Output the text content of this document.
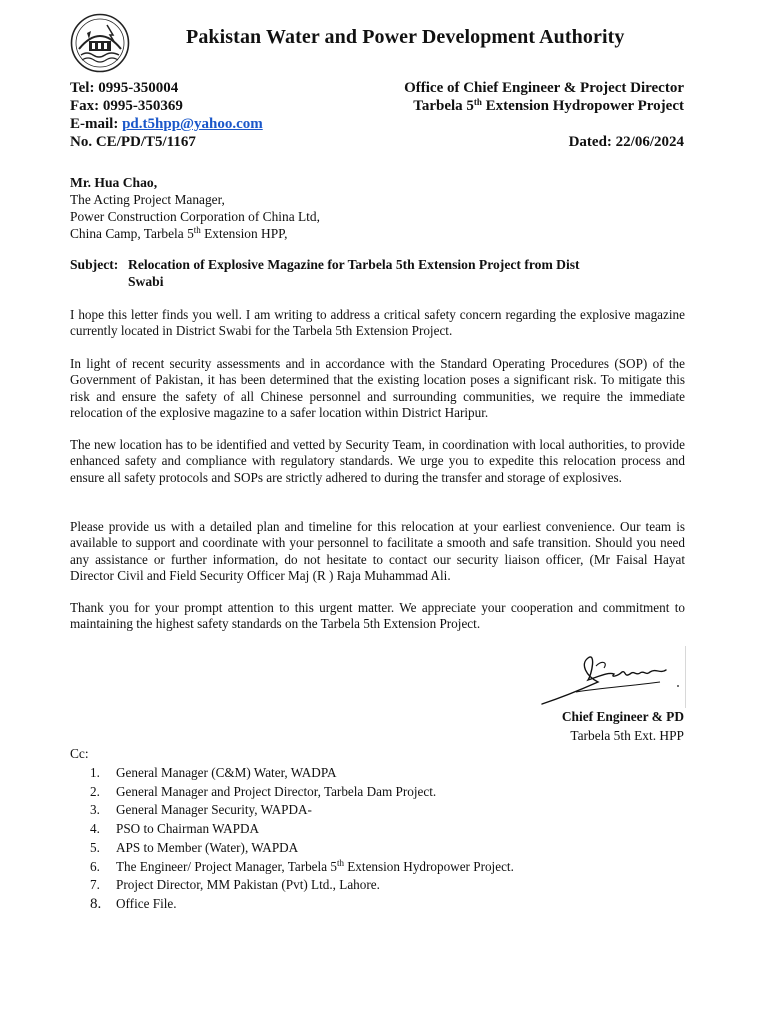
Pakistan Water and Power Development Authority
Tel: 0995-350004
Fax: 0995-350369
E-mail: pd.t5hpp@yahoo.com
No. CE/PD/T5/1167
Office of Chief Engineer & Project Director
Tarbela 5th Extension Hydropower Project
Dated: 22/06/2024
Mr. Hua Chao,
The Acting Project Manager,
Power Construction Corporation of China Ltd,
China Camp, Tarbela 5th Extension HPP,
Subject: Relocation of Explosive Magazine for Tarbela 5th Extension Project from Dist
Swabi
I hope this letter finds you well. I am writing to address a critical safety concern regarding the explosive magazine currently located in District Swabi for the Tarbela 5th Extension Project.
In light of recent security assessments and in accordance with the Standard Operating Procedures (SOP) of the Government of Pakistan, it has been determined that the existing location poses a significant risk. To mitigate this risk and ensure the safety of all Chinese personnel and surrounding communities, we require the immediate relocation of the explosive magazine to a safer location within District Haripur.
The new location has to be identified and vetted by Security Team, in coordination with local authorities, to provide enhanced safety and compliance with regulatory standards. We urge you to expedite this relocation process and ensure all safety protocols and SOPs are strictly adhered to during the transfer and storage of explosives.
Please provide us with a detailed plan and timeline for this relocation at your earliest convenience. Our team is available to support and coordinate with your personnel to facilitate a smooth and safe transition. Should you need any assistance or further information, do not hesitate to contact our security liaison officer, (Mr Faisal Hayat Director Civil and Field Security Officer Maj (R ) Raja Muhammad Ali.
Thank you for your prompt attention to this urgent matter. We appreciate your cooperation and commitment to maintaining the highest safety standards on the Tarbela 5th Extension Project.
Chief Engineer & PD
Tarbela 5th Ext. HPP
Cc:
1. General Manager (C&M) Water, WADPA
2. General Manager and Project Director, Tarbela Dam Project.
3. General Manager Security, WAPDA-
4. PSO to Chairman WAPDA
5. APS to Member (Water), WAPDA
6. The Engineer/ Project Manager, Tarbela 5th Extension Hydropower Project.
7. Project Director, MM Pakistan (Pvt) Ltd., Lahore.
8. Office File.
